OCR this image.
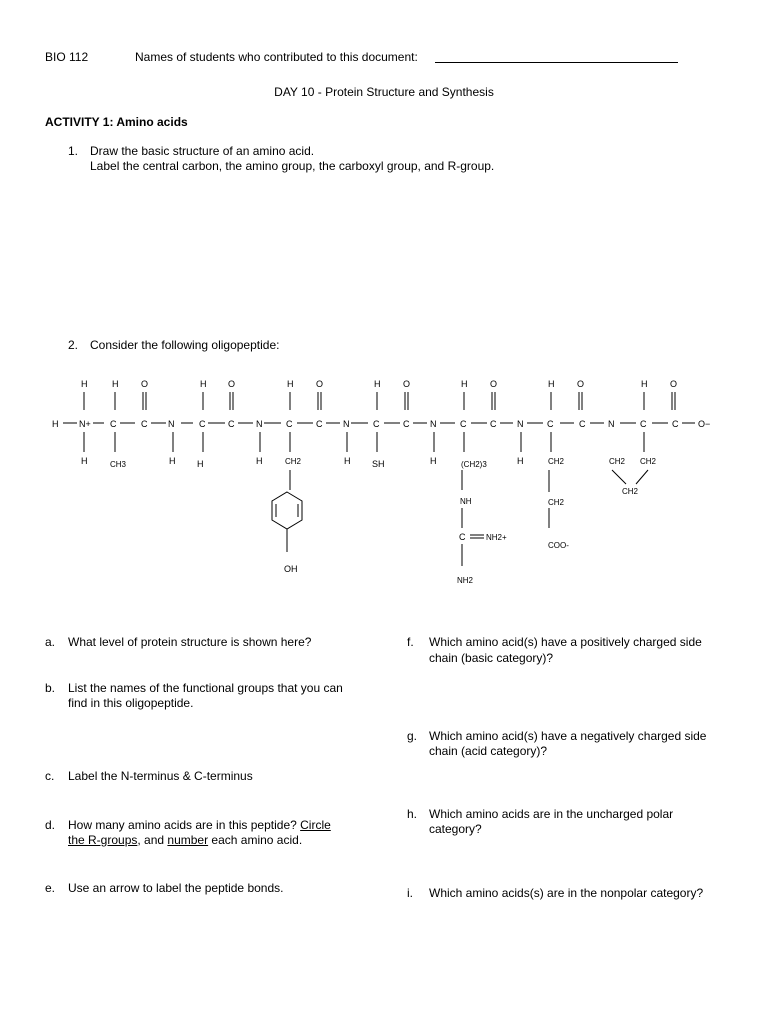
BIO 112	Names of students who contributed to this document:
DAY 10 - Protein Structure and Synthesis
ACTIVITY 1: Amino acids
1. Draw the basic structure of an amino acid.
Label the central carbon, the amino group, the carboxyl group, and R-group.
2. Consider the following oligopeptide:
H	H	O	H O	H	O	H	O	H	O	H	O	H	O
H N+ C	C N	C	C N	C	C N	C	C N	C	C N	C	C	N	C	C O−
H	CH3	H H	H	CH2	H SH	H	(CH2)3	H	CH2	CH2 CH2
CH2
OH
NH
C	NH2+
NH2
CH2
COO-
a. What level of protein structure is shown here?
b. List the names of the functional groups that you can
find in this oligopeptide.
c. Label the N-terminus & C-terminus
d. How many amino acids are in this peptide? Circle
the R-groups, and number each amino acid.
e. Use an arrow to label the peptide bonds.
f. Which amino acid(s) have a positively charged side
chain (basic category)?
g. Which amino acid(s) have a negatively charged side
chain (acid category)?
h. Which amino acids are in the uncharged polar
category?
i. Which amino acids(s) are in the nonpolar category?
